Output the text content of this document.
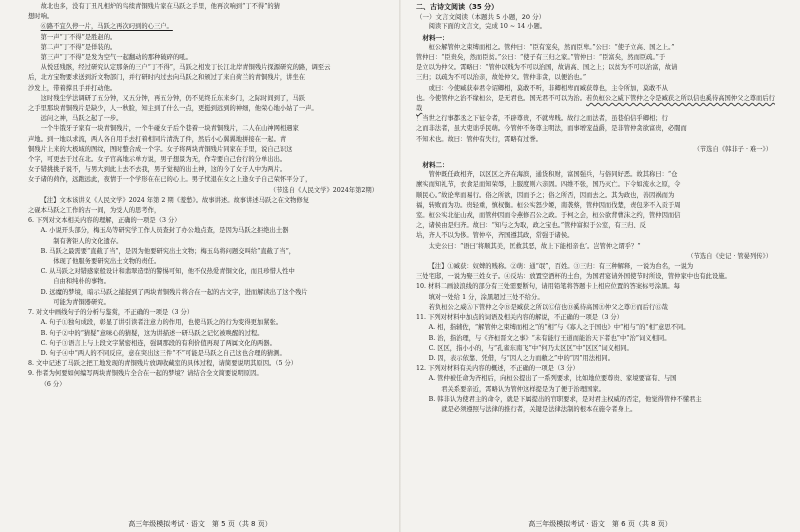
故北也多，没有丁丑凡相炉的鸟续青铜残片家在马跃之手里，他再次响到“丁不得”的猜

想时响。

⑥路不宜久停一片，马跃之再次叼到的心三户。

第一声“丁不得”是胜赵的。

第二声“丁不得”是佯装的。

第三声“丁不得”是发为空气一起翻动的那种破碎的吼。

从悦廷残骸，经过研究认定那条的三户“丁不得”，马跃之相发丁长江北岸青铜残片探源研究的路，调至云

后，北方宝物要求送到沂文物部门，并行研时内过去向马跃之和颁过了来自荷兰的青铜残片，讲坐在

沙发上，带着撑且手并打动他。

这时残尘学法调研了五分钟，又五分钟，再五分钟，仍不见终丘东来乡门，之际时间到了，马跃

之手里那块青铜残片是缺少，人一秋脸，知主到了什么一点，更挺到远到的神细，他荣心地小姑了一声。

远问之神，马跃之起了一步。

一个牛饿牙子家有一块青铜残片，一个牛碰女子后个巷着一块青铜残片，二人在山神网相遇家

声地。到一地以求流，两人各自用手去打着相同片清洗了件，然后小心翼翼地拼接在一起。青

铜残片上来的大极域的图纹，图时整合成一个字。女子将两块青铜残片同家在手里，说自己识这

个字，可更去于过在北。女子官高地示单方说，男子想景为无，作寺要自己台行的分单出出。

女子错挑挑子说不，与男大到此上去不去我，男子觉视的出土神，这的今了女子人中为两片。

女子诸的荷作，远跑远此，夜情于一个学形在在已的心上。男子忧退在女之上逢女子自己荣怀平分了，

（节选自《人民文学》2024年第2期）

【注】文本该讲义《人民文学》2024 年第 2 期《羞愁》。故事讲述。故事讲述马跃之在文物修复

之砚本马跃之工作的古一间，为受人的思考作，

6. 下列对文本相关内容的理解，正确的一项是（3 分）

A. 小说开头部分，梅玉岛等研究学工作人员查封了办公地点查，是因为马跃之拒绝出土器

　　制有著钜人的文化遗存。

B. 马跃之最需要“直截了当”，是因为他要研究出土文物；梅玉岛将问题交叫给“直截了当”，

　　体现了他服务要研究出土文物的责任。

C. 从马跃之对错感家般设计和翡翠造型的警惕可知，他不仅热爱青铜文化，而且珍惜人性中

　　自由和纯朴的事物。

D. 远魔的梦境，暗示马跃之捕捉到了两块青铜残片将合在一起的古文字，进而解读出了这个残片

　　可能为青铜器研究。

7. 对文中画线句子的分析与鉴赏，不正确的一项是（3 分）

A. 句子①独句成段，彰显了讲引读者注意力的作用，也使马跃之的行为变得更加紧张。

B. 句子②中的“猜疑”意味心的猜疑，这为讲描述一研马跃之记忆被唤醒的过程。

C. 句子③语言上与上段文字紧密相连，强调那段的有利价值再现了两属文化的两器。

D. 句子④中“两人的不同反应，意在突出这三件“不”可能是马跃之自己这也合理的猜测。

8. 文中记述了马跃之把工地发现的青铜残片放调收藏室的具体过程，请简要说明其原因。（5 分）

9. 作者为何要如何编写两块青铜残片全合在一起的梦境？请结合全文简要说明原因。

（6 分）

高三年级模拟考试 · 语文　第 5 页（共 8 页）

二、古诗文阅读（35 分）

（一）文言文阅读（本题共 5 小题，20 分）

阅读下面的文言文，完成 10 ~ 14 小题。

材料一：

桓公解管仲之束缚而相之。管仲曰：“臣有宠矣，然而臣卑。”公曰：“使子立高、国之上。”

管仲曰：“臣贵矣，然而臣贫。”公曰：“使子有三归之家。”管仲曰：“臣富矣，然而臣疏。”于

是立以为仲父。霄略曰：“管仲以贱为不可以治国，故请高、国之上；以贫为不可以治富，故请

三归；以疏为不可以治亲，故处仲父。管仲非贪，以便治也。”

或曰：今使臧获奉君令诏卿相，莫敢不听，非卿相卑而臧获尊也，主令所加，莫敢不从

也。今使管仲之治不缘桓公，是无君也。国无君不可以为治。若负桓公之威下管仲之令是臧获之所以信也奚待高国仲父之尊而后行哉

！当世之行事都丞之下征令者，不辟尊贵，不就卑贱。故行之而法者，虽巷伯信乎卿相；行

之而非法者，虽大吏诎乎民萌。今管仲不务尊主明法，而事增宠益爵，是非管仲贪欲富贵，必闇而

不知术也。故曰：管仲有失行，霄略有过誉。

（节选自《韩非子 · 难一》）

材料二：

管仲既任政相齐，以区区之齐在海滨，通货积财，富国强兵，与俗同好恶。故其称曰：“仓

廪实而知礼节，衣食足而知荣辱，上服度则六亲固。四维不张，国乃灭亡。下令如流水之原，令

顺民心。”故论卑而易行。俗之所欲，因而予之；俗之所否，因而去之。其为政也，善因祸而为

福，转败而为功。贵轻重，慎权衡。桓公实怒少姬，南袭蔡，管仲因而伐楚，责包茅不入贡于周

室。桓公实北征山戎，而管仲因而令燕修召公之政。于柯之会，桓公欲背曹沫之约，管仲因而信

之，诸侯由是归齐。故曰：“知与之为取，政之宝也。”管仲富拟于公室，有三归、反

坫，齐人不以为侈。管仲卒，齐国遵其政，常强于诸侯。

太史公曰：“语曰‘将顺其美，匡救其恶，故上下能相亲也’。岂管仲之谓乎？”

（节选自《史记 · 管晏列传》）

【注】①臧获：奴婢的贱称。②萌：通“氓”，百姓。③三归：有三种解释，一说为台名，一说为

三处宅邸，一说为娶三姓女子。④反坫：放置空酒杯的土台，为国君宴请外国使节时所设，管仲家中也有此设施。

10. 材料二画波浪线的部分有三处需要断句，请用铅笔将答题卡上相应位置的答案标号涂黑。每

填对一处给 1 分，涂黑超过三处不给分。

若负桓公之威Ⓐ下管仲之令Ⓑ是臧获之所以Ⓒ信也Ⓓ奚待高国Ⓔ仲父之尊Ⓕ而后行Ⓖ哉

11. 下列对材料中加点的词语及相关内容的解说，不正确的一项是（3 分）

A. 相，指辅佐，“解管仲之束缚而相之”的“相”与《寡人之于国也》中“相与”的“相”意思不同。

B. 治，指治理，与《齐桓晋文之事》“未有能行王道而能治天下者也”中“治”词义相同。

C. 区区，指小小的，与“孔雀东南飞”中“何乃太区区”中“区区”词义相同。

D. 因，表示依靠、凭借，与“因人之力而敝之”中的“因”用法相同。

12. 下列对材料有关内容的概述，不正确的一项是（3 分）

A. 管仲被任命为齐相后，向桓公提出了一系列要求，比如地位要尊贵、家境要富有、与国

　　君关系要亲近，霄略认为管仲这样提是为了便于治理国家。

B. 韩非认为使君主的命令，就是下属提出的官职要求，是对君主权威的否定，他觉得管仲不懂君主

　　就是必须遵照与法律的推行者，关键是法律法制的根本在施令者身上。

高三年级模拟考试 · 语文　第 6 页（共 8 页）
